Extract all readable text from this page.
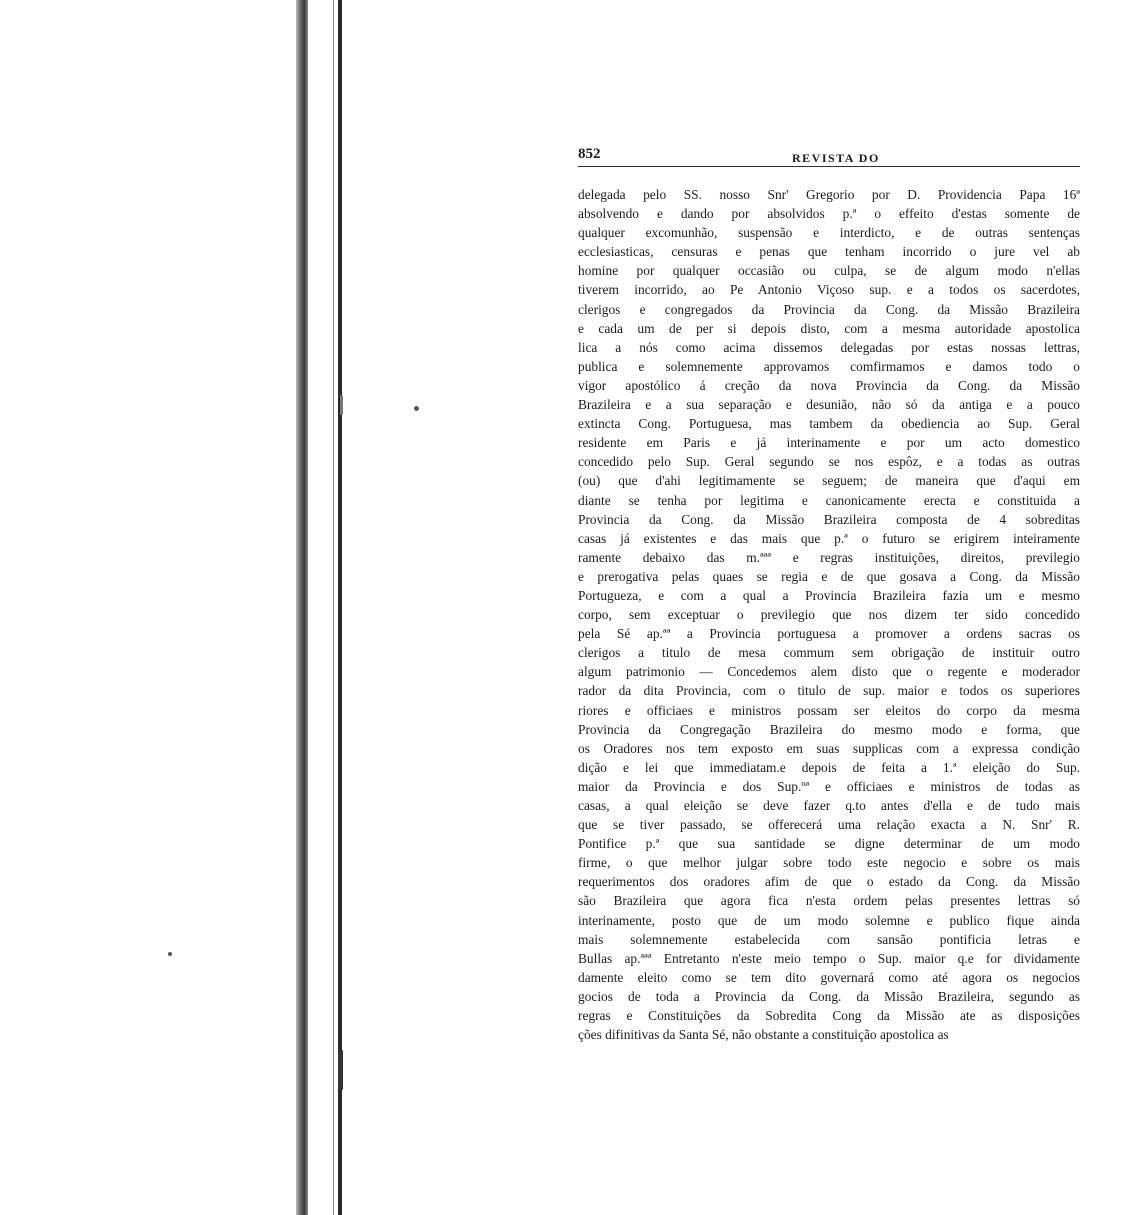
852	REVISTA DO
delegada pelo SS. nosso Snr' Gregorio por D. Providencia Papa 16ª
absolvendo e dando por absolvidos p.ª o effeito d'estas somente de
qualquer excomunhão, suspensão e interdicto, e de outras sentenças
ecclesiasticas, censuras e penas que tenham incorrido o jure vel ab
homine por qualquer occasião ou culpa, se de algum modo n'ellas
tiverem incorrido, ao Pe Antonio Viçoso sup. e a todos os sacerdotes,
clerigos e congregados da Provincia da Cong. da Missão Brazileira
e cada um de per si depois disto, com a mesma autoridade apostolica
lica a nós como acima dissemos delegadas por estas nossas lettras,
publica e solemnemente approvamos comfirmamos e damos todo o
vigor apostólico á creção da nova Provincia da Cong. da Missão
Brazileira e a sua separação e desunião, não só da antiga e a pouco
extincta Cong. Portuguesa, mas tambem da obediencia ao Sup. Geral
residente em Paris e já interinamente e por um acto domestico
concedido pelo Sup. Geral segundo se nos espôz, e a todas as outras
(ou) que d'ahi legitimamente se seguem; de maneira que d'aqui em
diante se tenha por legitima e canonicamente erecta e constituida a
Provincia da Cong. da Missão Brazileira composta de 4 sobreditas
casas já existentes e das mais que p.ª o futuro se erigirem inteiramente
ramente debaixo das m.ªªª e regras instituições, direitos, previlegio
e prerogativa pelas quaes se regia e de que gosava a Cong. da Missão
Portugueza, e com a qual a Provincia Brazileira fazia um e mesmo
corpo, sem exceptuar o previlegio que nos dizem ter sido concedido
pela Sé ap.ªª a Provincia portuguesa a promover a ordens sacras os
clerigos a titulo de mesa commum sem obrigação de instituir outro
algum patrimonio — Concedemos alem disto que o regente e moderador
rador da dita Provincia, com o titulo de sup. maior e todos os superiores
riores e officiaes e ministros possam ser eleitos do corpo da mesma
Provincia da Congregação Brazileira do mesmo modo e forma, que
os Oradores nos tem exposto em suas supplicas com a expressa condição
dição e lei que immediatam.e depois de feita a 1.ª eleição do Sup.
maior da Provincia e dos Sup.ºª e officiaes e ministros de todas as
casas, a qual eleição se deve fazer q.to antes d'ella e de tudo mais
que se tiver passado, se offerecerá uma relação exacta a N. Snr' R.
Pontifice p.ª que sua santidade se digne determinar de um modo
firme, o que melhor julgar sobre todo este negocio e sobre os mais
requerimentos dos oradores afim de que o estado da Cong. da Missão
são Brazileira que agora fica n'esta ordem pelas presentes lettras só
interinamente, posto que de um modo solemne e publico fique ainda
mais solemnemente estabelecida com sansão pontificia letras e
Bullas ap.ªªª Entretanto n'este meio tempo o Sup. maior q.e for dividamente
damente eleito como se tem dito governará como até agora os negocios
gocios de toda a Provincia da Cong. da Missão Brazileira, segundo as
regras e Constituições da Sobredita Cong da Missão ate as disposições
ções difinitivas da Santa Sé, não obstante a constituição apostolica as
